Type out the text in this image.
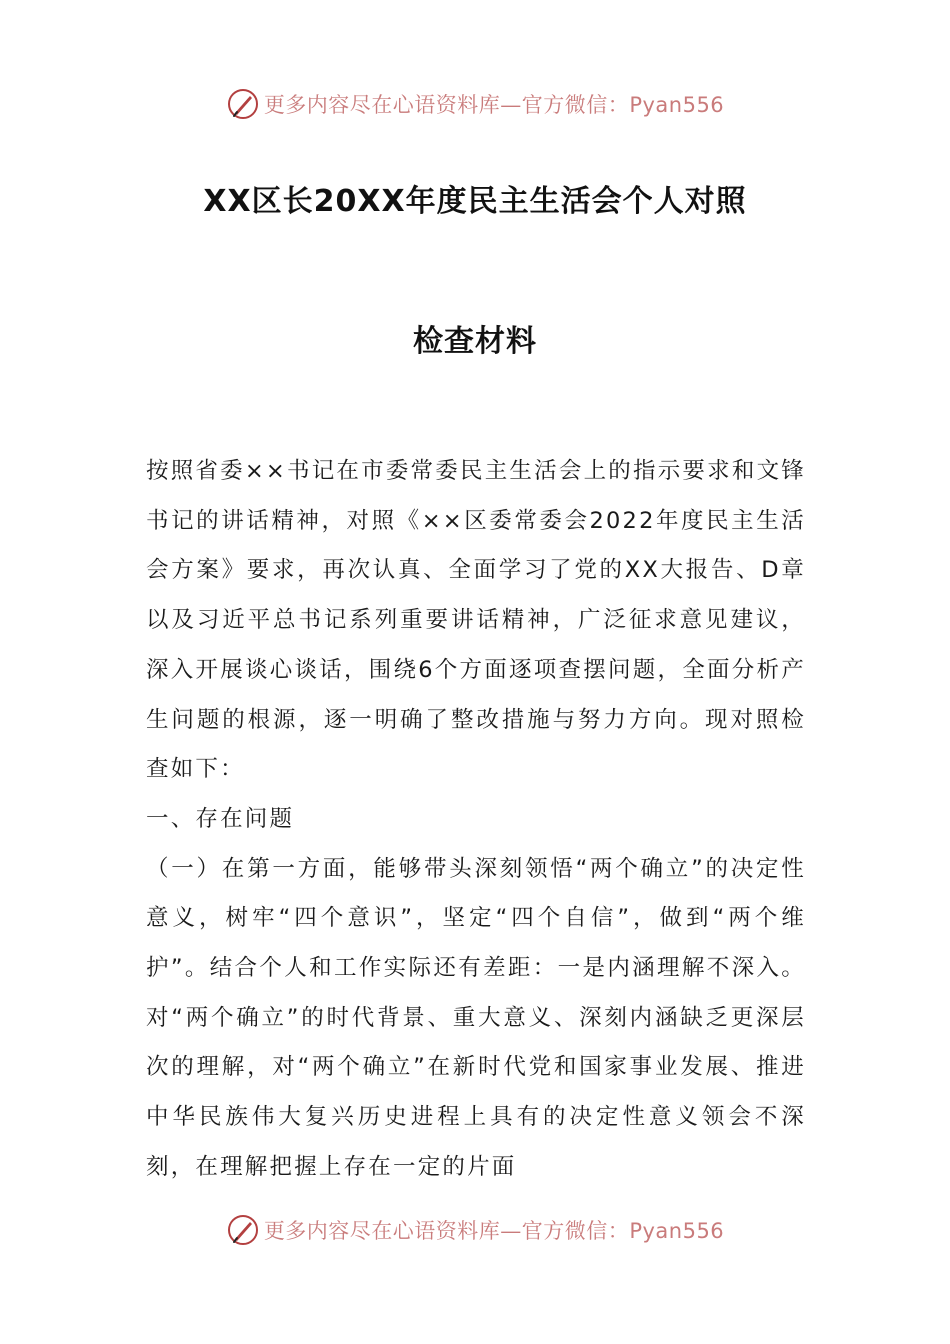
更多内容尽在心语资料库—官方微信：Pyan556
XX区长20XX年度民主生活会个人对照
检查材料

按照省委××书记在市委常委民主生活会上的指示要求和文锋书记的讲话精神，对照《××区委常委会2022年度民主生活会方案》要求，再次认真、全面学习了党的XX大报告、D章以及习近平总书记系列重要讲话精神，广泛征求意见建议，深入开展谈心谈话，围绕6个方面逐项查摆问题，全面分析产生问题的根源，逐一明确了整改措施与努力方向。现对照检查如下：

一、存在问题

（一）在第一方面，能够带头深刻领悟“两个确立”的决定性意义，树牢“四个意识”，坚定“四个自信”，做到“两个维护”。结合个人和工作实际还有差距：一是内涵理解不深入。对“两个确立”的时代背景、重大意义、深刻内涵缺乏更深层次的理解，对“两个确立”在新时代党和国家事业发展、推进中华民族伟大复兴历史进程上具有的决定性意义领会不深刻，在理解把握上存在一定的片面

更多内容尽在心语资料库—官方微信：Pyan556
